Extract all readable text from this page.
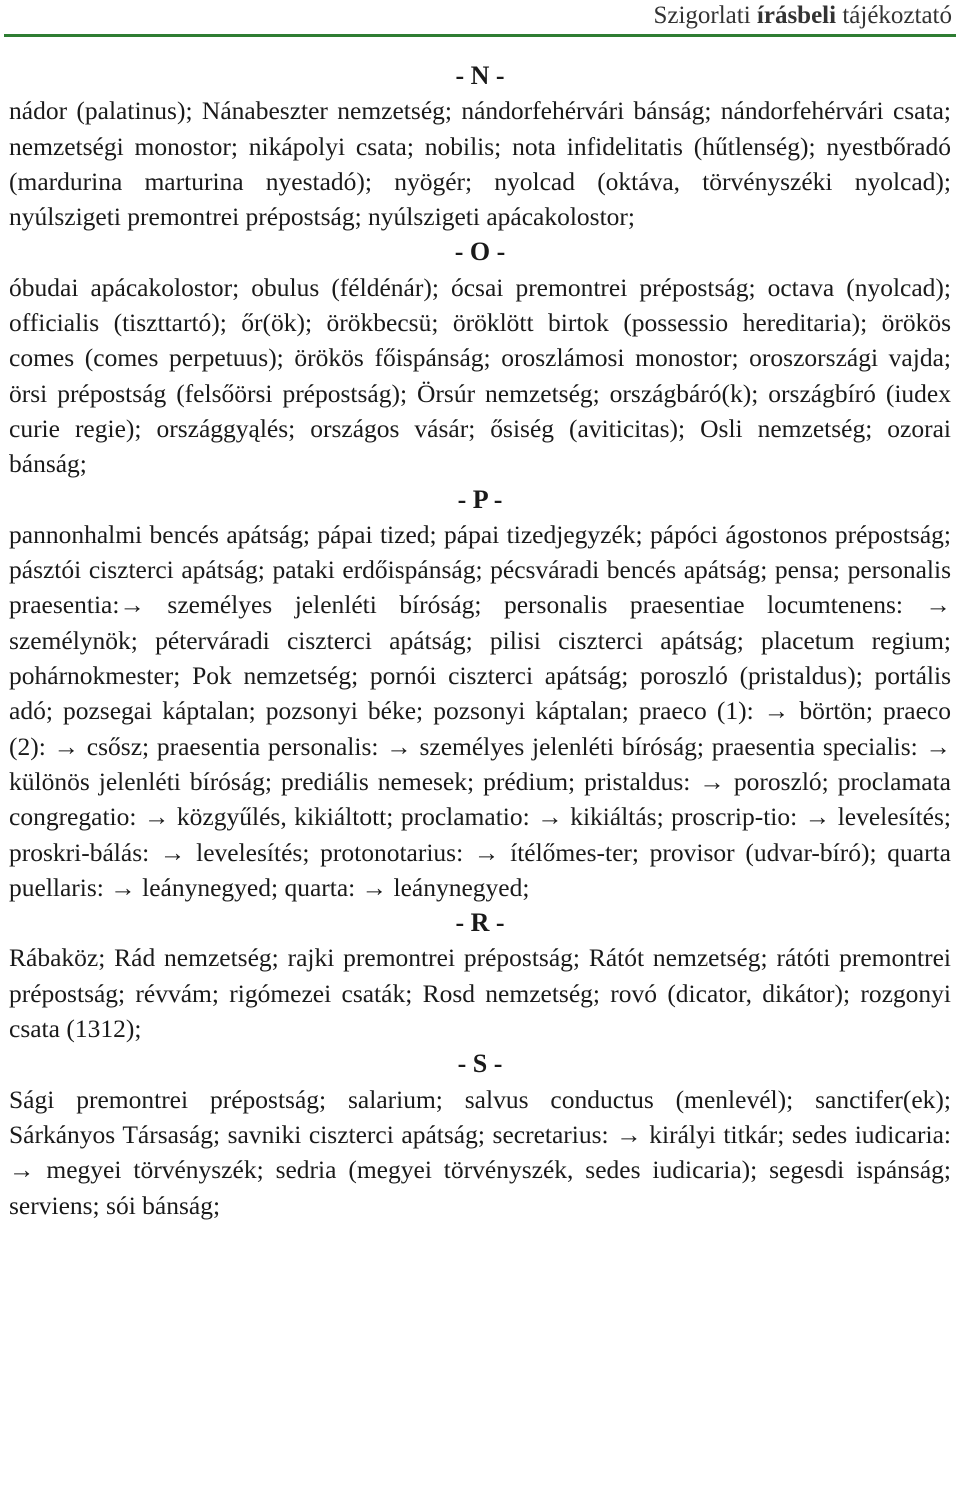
Szigorlati írásbeli tájékoztató

- N -

nádor (palatinus); Nánabeszter nemzetség; nándorfehérvári bánság; nándorfehérvári csata; nemzetségi monostor; nikápolyi csata; nobilis; nota infidelitatis (hűtlenség); nyestbőradó (mardurina marturina nyestadó); nyögér; nyolcad (oktáva, törvényszéki nyolcad); nyúlszigeti premontrei prépostság; nyúlszigeti apácakolostor;

- O -

óbudai apácakolostor; obulus (féldénár); ócsai premontrei prépostság; octava (nyolcad); officialis (tiszttartó); őr(ök); örökbecsü; öröklött birtok (possessio hereditaria); örökös comes (comes perpetuus); örökös főispánság; oroszlámosi monostor; oroszországi vajda; örsi prépostság (felsőörsi prépostság); Örsúr nemzetség; országbáró(k); országbíró (iudex curie regie); országgyąlés; országos vásár; ősiség (aviticitas); Osli nemzetség; ozorai bánság;

- P -

pannonhalmi bencés apátság; pápai tized; pápai tizedjegyzék; pápóci ágostonos prépostság; pásztói ciszterci apátság; pataki erdőispánság; pécsváradi bencés apátság; pensa; personalis praesentia:→ személyes jelenléti bíróság; personalis praesentiae locumtenens: → személynök; péterváradi ciszterci apátság; pilisi ciszterci apátság; placetum regium; pohárnokmester; Pok nemzetség; pornói ciszterci apátság; poroszló (pristaldus); portális adó; pozsegai káptalan; pozsonyi béke; pozsonyi káptalan; praeco (1): → börtön; praeco (2): → csősz; praesentia personalis: → személyes jelenléti bíróság; praesentia specialis: → különös jelenléti bíróság; prediális nemesek; prédium; pristaldus: → poroszló; proclamata congregatio: → közgyűlés, kikiáltott; proclamatio: → kikiáltás; proscrip-tio: → levelesítés; proskri-bálás: → levelesítés; protonotarius: → ítélőmes-ter; provisor (udvar-bíró); quarta puellaris: → leánynegyed; quarta: → leánynegyed;

- R -

Rábaköz; Rád nemzetség; rajki premontrei prépostság; Rátót nemzetség; rátóti premontrei prépostság; révvám; rigómezei csaták; Rosd nemzetség; rovó (dicator, dikátor); rozgonyi csata (1312);

- S -

Sági premontrei prépostság; salarium; salvus conductus (menlevél); sanctifer(ek); Sárkányos Társaság; savniki ciszterci apátság; secretarius: → királyi titkár; sedes iudicaria: → megyei törvényszék; sedria (megyei törvényszék, sedes iudicaria); segesdi ispánság; serviens; sói bánság;
